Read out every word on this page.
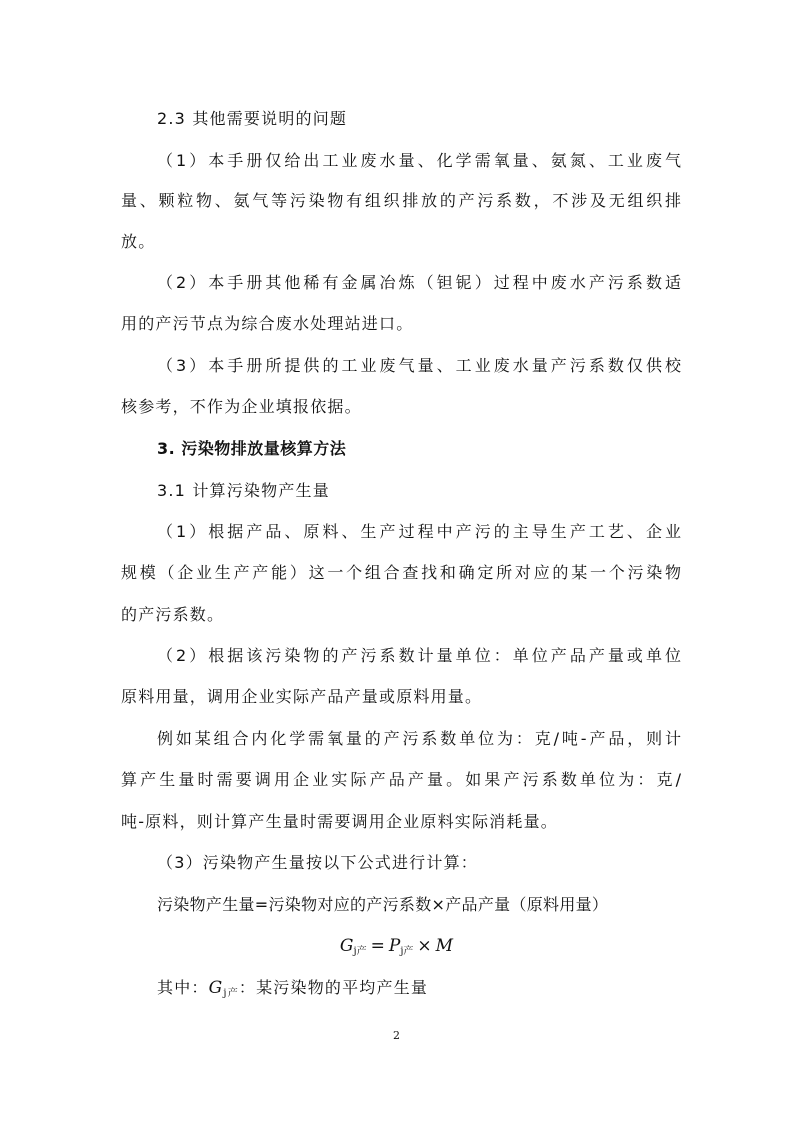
2.3 其他需要说明的问题
（1）本手册仅给出工业废水量、化学需氧量、氨氮、工业废气
量、颗粒物、氨气等污染物有组织排放的产污系数，不涉及无组织排
放。
（2）本手册其他稀有金属冶炼（钽铌）过程中废水产污系数适
用的产污节点为综合废水处理站进口。
（3）本手册所提供的工业废气量、工业废水量产污系数仅供校
核参考，不作为企业填报依据。
3. 污染物排放量核算方法
3.1 计算污染物产生量
（1）根据产品、原料、生产过程中产污的主导生产工艺、企业
规模（企业生产产能）这一个组合查找和确定所对应的某一个污染物
的产污系数。
（2）根据该污染物的产污系数计量单位：单位产品产量或单位
原料用量，调用企业实际产品产量或原料用量。
例如某组合内化学需氧量的产污系数单位为：克/吨-产品，则计
算产生量时需要调用企业实际产品产量。如果产污系数单位为：克/
吨-原料，则计算产生量时需要调用企业原料实际消耗量。
（3）污染物产生量按以下公式进行计算：
污染物产生量=污染物对应的产污系数×产品产量（原料用量）
$G_{j产} = P_{j产} \times M$
其中：$G_{j产}$：某污染物的平均产生量
2
